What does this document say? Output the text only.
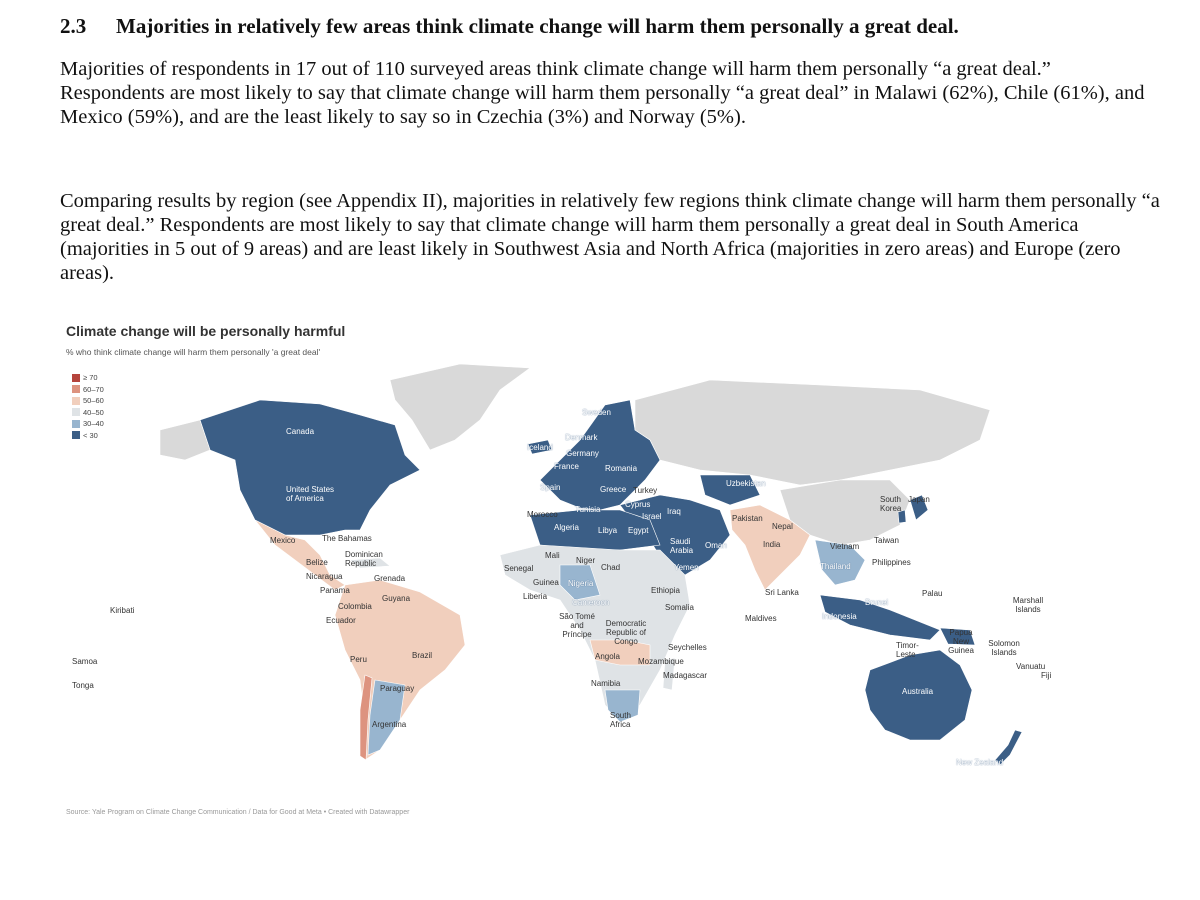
2.3 Majorities in relatively few areas think climate change will harm them personally a great deal.

Majorities of respondents in 17 out of 110 surveyed areas think climate change will harm them personally “a great deal.” Respondents are most likely to say that climate change will harm them personally “a great deal” in Malawi (62%), Chile (61%), and Mexico (59%), and are the least likely to say so in Czechia (3%) and Norway (5%).

Comparing results by region (see Appendix II), majorities in relatively few regions think climate change will harm them personally “a great deal.” Respondents are most likely to say that climate change will harm them personally a great deal in South America (majorities in 5 out of 9 areas) and are least likely in Southwest Asia and North Africa (majorities in zero areas) and Europe (zero areas).

Climate change will be personally harmful
% who think climate change will harm them personally 'a great deal'
Canada
United States of America
Mexico	The Bahamas
Dominican Republic
Belize
Nicaragua	Grenada
Panama
Guyana
Colombia
Ecuador
Peru	Brazil
Paraguay
Argentina
Kiribati
Samoa
Tonga
Iceland
Sweden
Denmark
Germany
France	Romania
Spain	Turkey
Greece
Cyprus
Israel
Iraq
Morocco
Tunisia
Algeria Libya Egypt
Saudi Arabia
Oman
Yemen
Uzbekistan
Pakistan
Nepal
India
Sri Lanka
Maldives
Vietnam
Thailand
Taiwan
Philippines
South Korea
Japan
Mali
Niger
Senegal	Chad
Guinea Nigeria
Liberia
Cameroon
Ethiopia
Somalia
São Tomé and Príncipe
Democratic Republic of Congo
Seychelles
Angola
Mozambique
Madagascar
Namibia
South Africa
Brunei
Indonesia
Palau
Timor-Leste
Papua New Guinea
Solomon Islands
Marshall Islands
Vanuatu
Fiji
Australia
New Zealand
≥ 70
60–70
50–60
40–50
30–40
< 30
Source: Yale Program on Climate Change Communication / Data for Good at Meta • Created with Datawrapper
